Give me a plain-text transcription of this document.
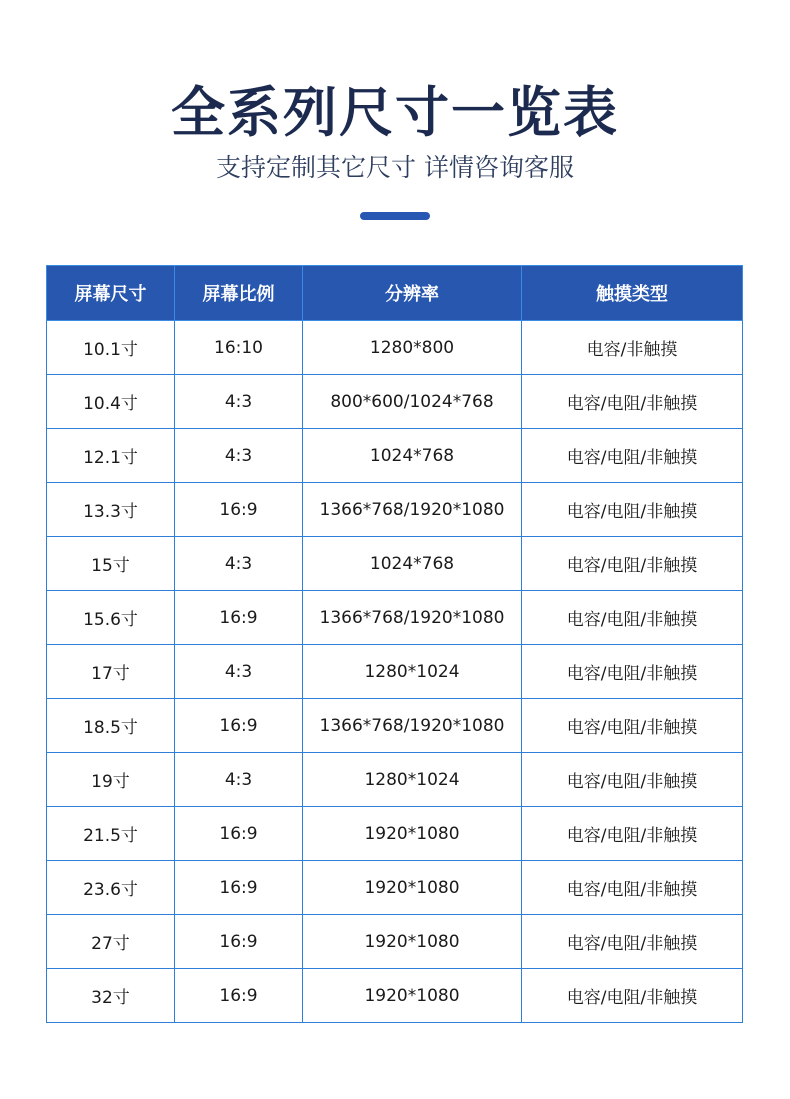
全系列尺寸一览表
支持定制其它尺寸 详情咨询客服
屏幕尺寸	屏幕比例	分辨率	触摸类型
10.1寸	16:10	1280*800	电容/非触摸
10.4寸	4:3	800*600/1024*768	电容/电阻/非触摸
12.1寸	4:3	1024*768	电容/电阻/非触摸
13.3寸	16:9	1366*768/1920*1080	电容/电阻/非触摸
15寸	4:3	1024*768	电容/电阻/非触摸
15.6寸	16:9	1366*768/1920*1080	电容/电阻/非触摸
17寸	4:3	1280*1024	电容/电阻/非触摸
18.5寸	16:9	1366*768/1920*1080	电容/电阻/非触摸
19寸	4:3	1280*1024	电容/电阻/非触摸
21.5寸	16:9	1920*1080	电容/电阻/非触摸
23.6寸	16:9	1920*1080	电容/电阻/非触摸
27寸	16:9	1920*1080	电容/电阻/非触摸
32寸	16:9	1920*1080	电容/电阻/非触摸
